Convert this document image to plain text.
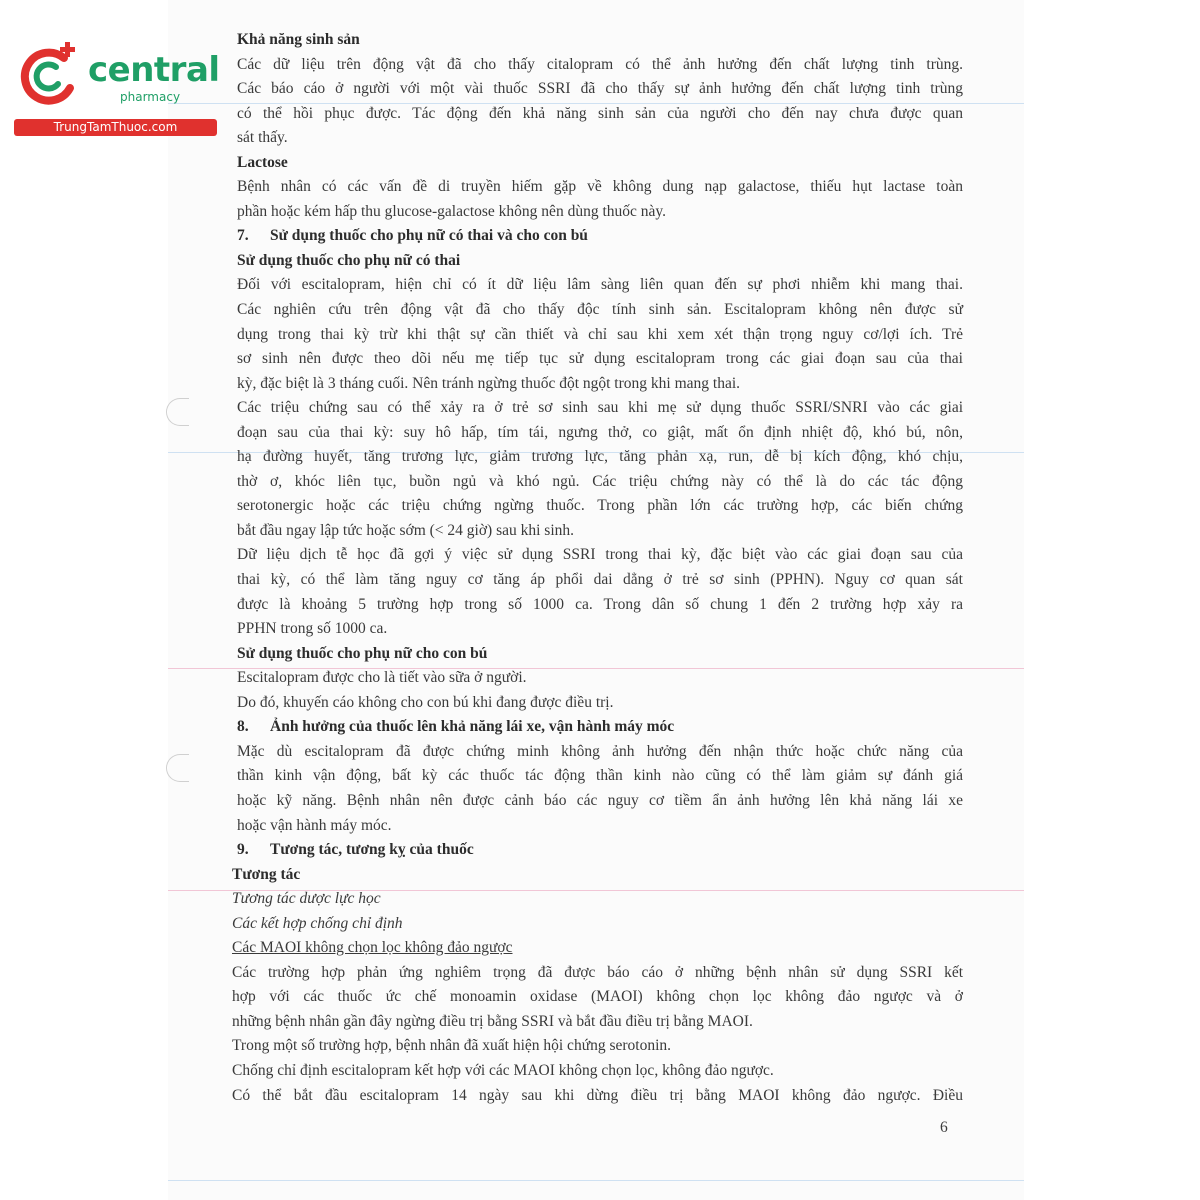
central
pharmacy
TrungTamThuoc.com
Khả năng sinh sản
Các dữ liệu trên động vật đã cho thấy citalopram có thể ảnh hưởng đến chất lượng tinh trùng.
Các báo cáo ở người với một vài thuốc SSRI đã cho thấy sự ảnh hưởng đến chất lượng tinh trùng
có thể hồi phục được. Tác động đến khả năng sinh sản của người cho đến nay chưa được quan
sát thấy.
Lactose
Bệnh nhân có các vấn đề di truyền hiếm gặp về không dung nạp galactose, thiếu hụt lactase toàn
phần hoặc kém hấp thu glucose-galactose không nên dùng thuốc này.
7. Sử dụng thuốc cho phụ nữ có thai và cho con bú
Sử dụng thuốc cho phụ nữ có thai
Đối với escitalopram, hiện chỉ có ít dữ liệu lâm sàng liên quan đến sự phơi nhiễm khi mang thai.
Các nghiên cứu trên động vật đã cho thấy độc tính sinh sản. Escitalopram không nên được sử
dụng trong thai kỳ trừ khi thật sự cần thiết và chỉ sau khi xem xét thận trọng nguy cơ/lợi ích. Trẻ
sơ sinh nên được theo dõi nếu mẹ tiếp tục sử dụng escitalopram trong các giai đoạn sau của thai
kỳ, đặc biệt là 3 tháng cuối. Nên tránh ngừng thuốc đột ngột trong khi mang thai.
Các triệu chứng sau có thể xảy ra ở trẻ sơ sinh sau khi mẹ sử dụng thuốc SSRI/SNRI vào các giai
đoạn sau của thai kỳ: suy hô hấp, tím tái, ngưng thở, co giật, mất ổn định nhiệt độ, khó bú, nôn,
hạ đường huyết, tăng trương lực, giảm trương lực, tăng phản xạ, run, dễ bị kích động, khó chịu,
thờ ơ, khóc liên tục, buồn ngủ và khó ngủ. Các triệu chứng này có thể là do các tác động
serotonergic hoặc các triệu chứng ngừng thuốc. Trong phần lớn các trường hợp, các biến chứng
bắt đầu ngay lập tức hoặc sớm (< 24 giờ) sau khi sinh.
Dữ liệu dịch tễ học đã gợi ý việc sử dụng SSRI trong thai kỳ, đặc biệt vào các giai đoạn sau của
thai kỳ, có thể làm tăng nguy cơ tăng áp phổi dai dẳng ở trẻ sơ sinh (PPHN). Nguy cơ quan sát
được là khoảng 5 trường hợp trong số 1000 ca. Trong dân số chung 1 đến 2 trường hợp xảy ra
PPHN trong số 1000 ca.
Sử dụng thuốc cho phụ nữ cho con bú
Escitalopram được cho là tiết vào sữa ở người.
Do đó, khuyến cáo không cho con bú khi đang được điều trị.
8. Ảnh hưởng của thuốc lên khả năng lái xe, vận hành máy móc
Mặc dù escitalopram đã được chứng minh không ảnh hưởng đến nhận thức hoặc chức năng của
thần kinh vận động, bất kỳ các thuốc tác động thần kinh nào cũng có thể làm giảm sự đánh giá
hoặc kỹ năng. Bệnh nhân nên được cảnh báo các nguy cơ tiềm ẩn ảnh hưởng lên khả năng lái xe
hoặc vận hành máy móc.
9. Tương tác, tương kỵ của thuốc
Tương tác
Tương tác dược lực học
Các kết hợp chống chỉ định
Các MAOI không chọn lọc không đảo ngược
Các trường hợp phản ứng nghiêm trọng đã được báo cáo ở những bệnh nhân sử dụng SSRI kết
hợp với các thuốc ức chế monoamin oxidase (MAOI) không chọn lọc không đảo ngược và ở
những bệnh nhân gần đây ngừng điều trị bằng SSRI và bắt đầu điều trị bằng MAOI.
Trong một số trường hợp, bệnh nhân đã xuất hiện hội chứng serotonin.
Chống chỉ định escitalopram kết hợp với các MAOI không chọn lọc, không đảo ngược.
Có thể bắt đầu escitalopram 14 ngày sau khi dừng điều trị bằng MAOI không đảo ngược. Điều
6
